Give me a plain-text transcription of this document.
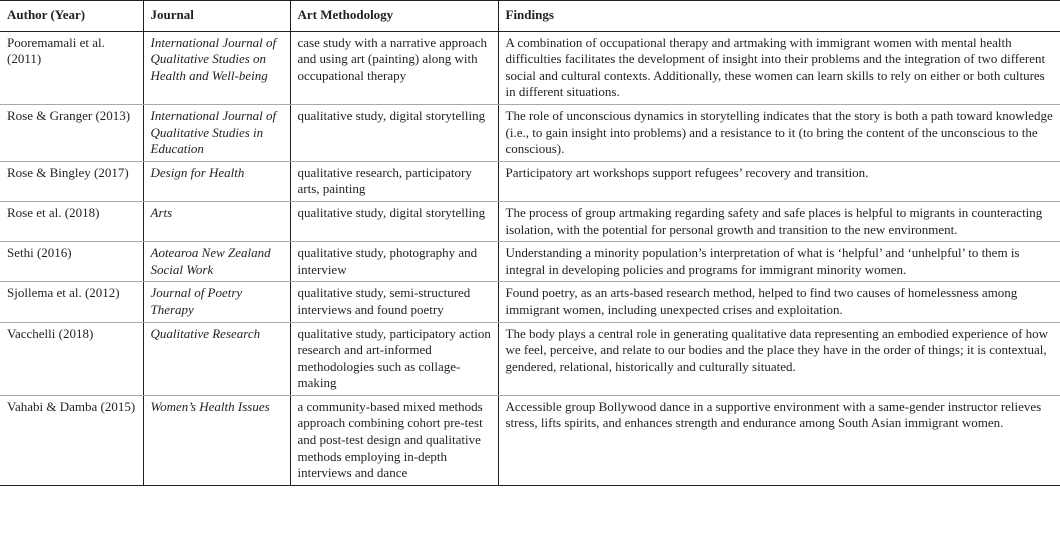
Author (Year)	Journal	Art Methodology	Findings
Pooremamali et al. (2011)	International Journal of Qualitative Studies on Health and Well-being	case study with a narrative approach and using art (painting) along with occupational therapy	A combination of occupational therapy and artmaking with immigrant women with mental health difficulties facilitates the development of insight into their problems and the integration of two different social and cultural contexts. Additionally, these women can learn skills to rely on either or both cultures in different situations.
Rose & Granger (2013)	International Journal of Qualitative Studies in Education	qualitative study, digital storytelling	The role of unconscious dynamics in storytelling indicates that the story is both a path toward knowledge (i.e., to gain insight into problems) and a resistance to it (to bring the content of the unconscious to the conscious).
Rose & Bingley (2017)	Design for Health	qualitative research, participatory arts, painting	Participatory art workshops support refugees’ recovery and transition.
Rose et al. (2018)	Arts	qualitative study, digital storytelling	The process of group artmaking regarding safety and safe places is helpful to migrants in counteracting isolation, with the potential for personal growth and transition to the new environment.
Sethi (2016)	Aotearoa New Zealand Social Work	qualitative study, photography and interview	Understanding a minority population’s interpretation of what is ‘helpful’ and ‘unhelpful’ to them is integral in developing policies and programs for immigrant minority women.
Sjollema et al. (2012)	Journal of Poetry Therapy	qualitative study, semi-structured interviews and found poetry	Found poetry, as an arts-based research method, helped to find two causes of homelessness among immigrant women, including unexpected crises and exploitation.
Vacchelli (2018)	Qualitative Research	qualitative study, participatory action research and art-informed methodologies such as collage-making	The body plays a central role in generating qualitative data representing an embodied experience of how we feel, perceive, and relate to our bodies and the place they have in the order of things; it is contextual, gendered, relational, historically and culturally situated.
Vahabi & Damba (2015)	Women’s Health Issues	a community-based mixed methods approach combining cohort pre-test and post-test design and qualitative methods employing in-depth interviews and dance	Accessible group Bollywood dance in a supportive environment with a same-gender instructor relieves stress, lifts spirits, and enhances strength and endurance among South Asian immigrant women.
